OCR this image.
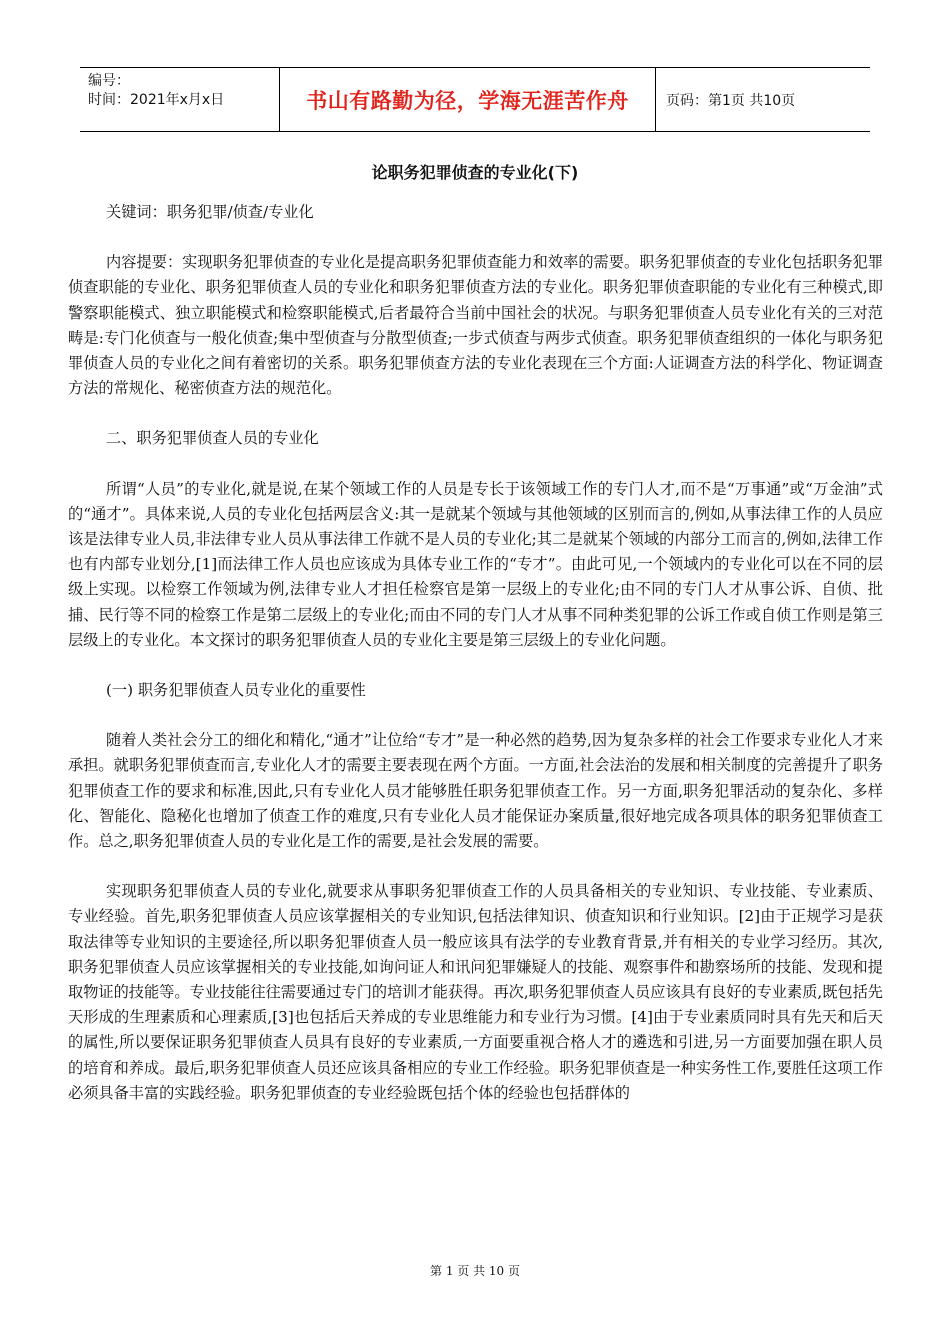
编号：
时间：2021年x月x日	书山有路勤为径，学海无涯苦作舟	页码：第1页 共10页
论职务犯罪侦查的专业化(下)

关键词：职务犯罪/侦查/专业化

内容提要：实现职务犯罪侦查的专业化是提高职务犯罪侦查能力和效率的需要。职务犯罪侦查的专业化包括职务犯罪侦查职能的专业化、职务犯罪侦查人员的专业化和职务犯罪侦查方法的专业化。职务犯罪侦查职能的专业化有三种模式,即警察职能模式、独立职能模式和检察职能模式,后者最符合当前中国社会的状况。与职务犯罪侦查人员专业化有关的三对范畴是:专门化侦查与一般化侦查;集中型侦查与分散型侦查;一步式侦查与两步式侦查。职务犯罪侦查组织的一体化与职务犯罪侦查人员的专业化之间有着密切的关系。职务犯罪侦查方法的专业化表现在三个方面:人证调查方法的科学化、物证调查方法的常规化、秘密侦查方法的规范化。

二、职务犯罪侦查人员的专业化

所谓“人员”的专业化,就是说,在某个领域工作的人员是专长于该领域工作的专门人才,而不是“万事通”或“万金油”式的“通才”。具体来说,人员的专业化包括两层含义:其一是就某个领域与其他领域的区别而言的,例如,从事法律工作的人员应该是法律专业人员,非法律专业人员从事法律工作就不是人员的专业化;其二是就某个领域的内部分工而言的,例如,法律工作也有内部专业划分,[1]而法律工作人员也应该成为具体专业工作的“专才”。由此可见,一个领域内的专业化可以在不同的层级上实现。以检察工作领域为例,法律专业人才担任检察官是第一层级上的专业化;由不同的专门人才从事公诉、自侦、批捕、民行等不同的检察工作是第二层级上的专业化;而由不同的专门人才从事不同种类犯罪的公诉工作或自侦工作则是第三层级上的专业化。本文探讨的职务犯罪侦查人员的专业化主要是第三层级上的专业化问题。

(一) 职务犯罪侦查人员专业化的重要性

随着人类社会分工的细化和精化,“通才”让位给“专才”是一种必然的趋势,因为复杂多样的社会工作要求专业化人才来承担。就职务犯罪侦查而言,专业化人才的需要主要表现在两个方面。一方面,社会法治的发展和相关制度的完善提升了职务犯罪侦查工作的要求和标准,因此,只有专业化人员才能够胜任职务犯罪侦查工作。另一方面,职务犯罪活动的复杂化、多样化、智能化、隐秘化也增加了侦查工作的难度,只有专业化人员才能保证办案质量,很好地完成各项具体的职务犯罪侦查工作。总之,职务犯罪侦查人员的专业化是工作的需要,是社会发展的需要。

实现职务犯罪侦查人员的专业化,就要求从事职务犯罪侦查工作的人员具备相关的专业知识、专业技能、专业素质、专业经验。首先,职务犯罪侦查人员应该掌握相关的专业知识,包括法律知识、侦查知识和行业知识。[2]由于正规学习是获取法律等专业知识的主要途径,所以职务犯罪侦查人员一般应该具有法学的专业教育背景,并有相关的专业学习经历。其次,职务犯罪侦查人员应该掌握相关的专业技能,如询问证人和讯问犯罪嫌疑人的技能、观察事件和勘察场所的技能、发现和提取物证的技能等。专业技能往往需要通过专门的培训才能获得。再次,职务犯罪侦查人员应该具有良好的专业素质,既包括先天形成的生理素质和心理素质,[3]也包括后天养成的专业思维能力和专业行为习惯。[4]由于专业素质同时具有先天和后天的属性,所以要保证职务犯罪侦查人员具有良好的专业素质,一方面要重视合格人才的遴选和引进,另一方面要加强在职人员的培育和养成。最后,职务犯罪侦查人员还应该具备相应的专业工作经验。职务犯罪侦查是一种实务性工作,要胜任这项工作必须具备丰富的实践经验。职务犯罪侦查的专业经验既包括个体的经验也包括群体的

第 1 页 共 10 页
